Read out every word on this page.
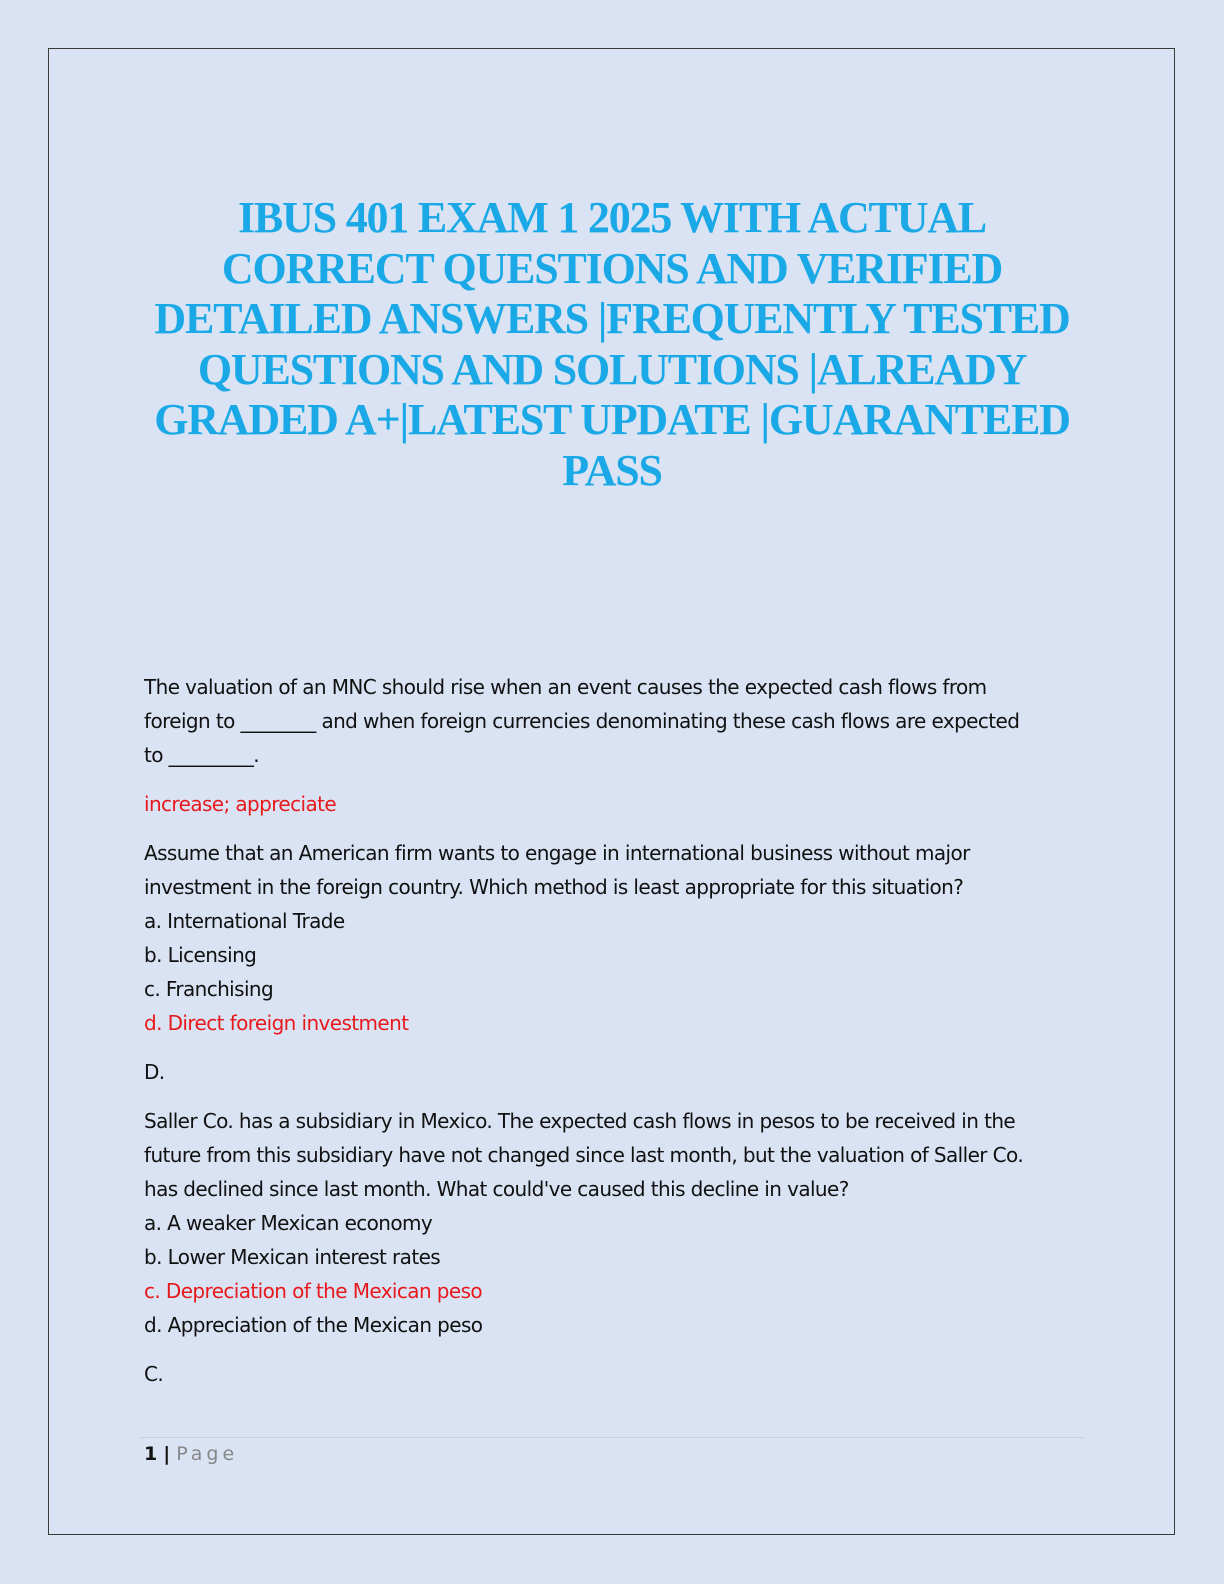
IBUS 401 EXAM 1 2025 WITH ACTUAL CORRECT QUESTIONS AND VERIFIED DETAILED ANSWERS |FREQUENTLY TESTED QUESTIONS AND SOLUTIONS |ALREADY GRADED A+|LATEST UPDATE |GUARANTEED PASS
The valuation of an MNC should rise when an event causes the expected cash flows from
foreign to ________ and when foreign currencies denominating these cash flows are expected
to _________.
increase; appreciate
Assume that an American firm wants to engage in international business without major
investment in the foreign country. Which method is least appropriate for this situation?
a. International Trade
b. Licensing
c. Franchising
d. Direct foreign investment
D.
Saller Co. has a subsidiary in Mexico. The expected cash flows in pesos to be received in the
future from this subsidiary have not changed since last month, but the valuation of Saller Co.
has declined since last month. What could've caused this decline in value?
a. A weaker Mexican economy
b. Lower Mexican interest rates
c. Depreciation of the Mexican peso
d. Appreciation of the Mexican peso
C.
1 | Page
